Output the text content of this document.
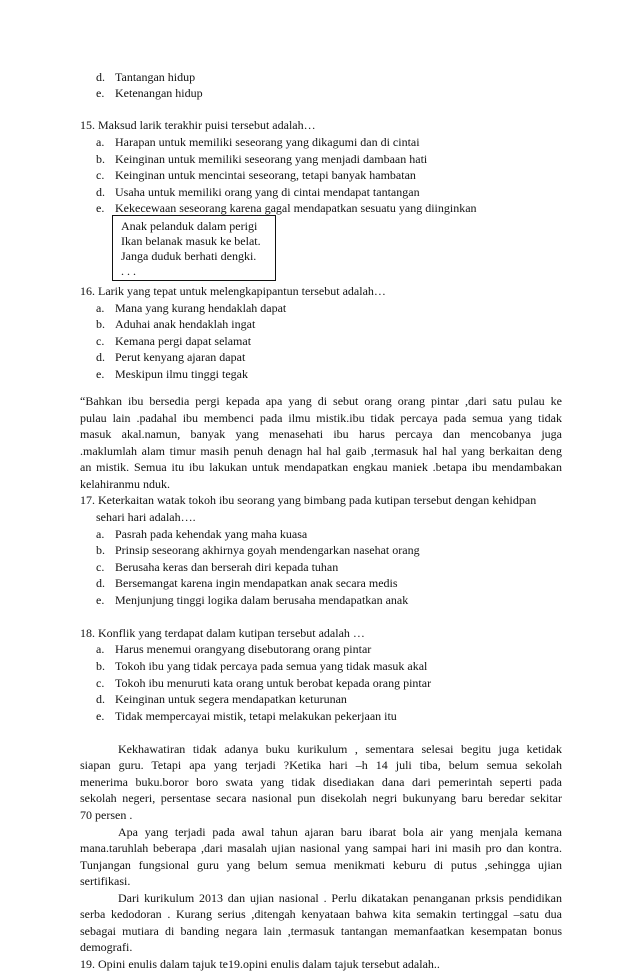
d. Tantangan hidup
e. Ketenangan hidup
15. Maksud larik terakhir puisi tersebut adalah…
a. Harapan untuk memiliki seseorang yang dikagumi dan di cintai
b. Keinginan untuk memiliki seseorang yang menjadi dambaan hati
c. Keinginan untuk mencintai seseorang, tetapi banyak hambatan
d. Usaha untuk memiliki orang yang di cintai mendapat tantangan
e. Kekecewaan seseorang karena gagal mendapatkan sesuatu yang diinginkan
Anak pelanduk dalam perigi
Ikan belanak masuk ke belat.
Janga duduk berhati dengki.
. . .
16. Larik yang tepat untuk melengkapipantun tersebut adalah…
a. Mana yang kurang hendaklah dapat
b. Aduhai anak hendaklah ingat
c. Kemana pergi dapat selamat
d. Perut kenyang ajaran dapat
e. Meskipun ilmu tinggi tegak
“Bahkan ibu bersedia pergi kepada apa yang di sebut orang orang pintar ,dari satu pulau ke
pulau lain .padahal ibu membenci pada ilmu mistik.ibu tidak percaya pada semua yang tidak
masuk akal.namun, banyak yang menasehati ibu harus percaya dan mencobanya juga
.maklumlah alam timur masih penuh denagn hal hal gaib ,termasuk hal hal yang berkaitan deng
an mistik. Semua itu ibu lakukan untuk mendapatkan engkau maniek .betapa ibu mendambakan
kelahiranmu nduk.
17. Keterkaitan watak tokoh ibu seorang yang bimbang pada kutipan tersebut dengan kehidpan
sehari hari adalah….
a. Pasrah pada kehendak yang maha kuasa
b. Prinsip seseorang akhirnya goyah mendengarkan nasehat orang
c. Berusaha keras dan berserah diri kepada tuhan
d. Bersemangat karena ingin mendapatkan anak secara medis
e. Menjunjung tinggi logika dalam berusaha mendapatkan anak
18. Konflik yang terdapat dalam kutipan tersebut adalah …
a. Harus menemui orangyang disebutorang orang pintar
b. Tokoh ibu yang tidak percaya pada semua yang tidak masuk akal
c. Tokoh ibu menuruti kata orang untuk berobat kepada orang pintar
d. Keinginan untuk segera mendapatkan keturunan
e. Tidak mempercayai mistik, tetapi melakukan pekerjaan itu
Kekhawatiran tidak adanya buku kurikulum , sementara selesai begitu juga ketidak
siapan guru. Tetapi apa yang terjadi ?Ketika hari –h 14 juli tiba, belum semua sekolah
menerima buku.boror boro swata yang tidak disediakan dana dari pemerintah seperti pada
sekolah negeri, persentase secara nasional pun disekolah negri bukunyang baru beredar sekitar
70 persen .
Apa yang terjadi pada awal tahun ajaran baru ibarat bola air yang menjala kemana
mana.taruhlah beberapa ,dari masalah ujian nasional yang sampai hari ini masih pro dan kontra.
Tunjangan fungsional guru yang belum semua menikmati keburu di putus ,sehingga ujian
sertifikasi.
Dari kurikulum 2013 dan ujian nasional . Perlu dikatakan penanganan prksis pendidikan
serba kedodoran . Kurang serius ,ditengah kenyataan bahwa kita semakin tertinggal –satu dua
sebagai mutiara di banding negara lain ,termasuk tantangan memanfaatkan kesempatan bonus
demografi.
19. Opini enulis dalam tajuk te19.opini enulis dalam tajuk tersebut adalah..
